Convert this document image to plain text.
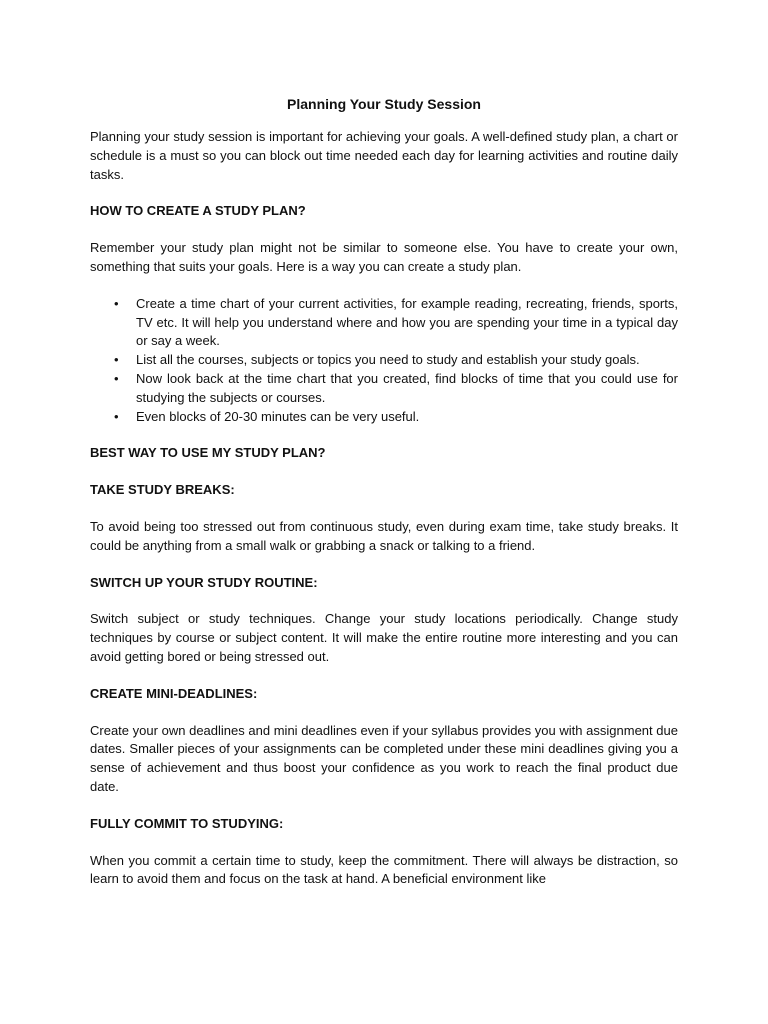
Planning Your Study Session

Planning your study session is important for achieving your goals. A well-defined study plan, a chart or schedule is a must so you can block out time needed each day for learning activities and routine daily tasks.

HOW TO CREATE A STUDY PLAN?

Remember your study plan might not be similar to someone else. You have to create your own, something that suits your goals. Here is a way you can create a study plan.

• Create a time chart of your current activities, for example reading, recreating, friends, sports, TV etc. It will help you understand where and how you are spending your time in a typical day or say a week.
• List all the courses, subjects or topics you need to study and establish your study goals.
• Now look back at the time chart that you created, find blocks of time that you could use for studying the subjects or courses.
• Even blocks of 20-30 minutes can be very useful.
BEST WAY TO USE MY STUDY PLAN?
TAKE STUDY BREAKS:

To avoid being too stressed out from continuous study, even during exam time, take study breaks. It could be anything from a small walk or grabbing a snack or talking to a friend.

SWITCH UP YOUR STUDY ROUTINE:

Switch subject or study techniques. Change your study locations periodically. Change study techniques by course or subject content. It will make the entire routine more interesting and you can avoid getting bored or being stressed out.

CREATE MINI-DEADLINES:

Create your own deadlines and mini deadlines even if your syllabus provides you with assignment due dates. Smaller pieces of your assignments can be completed under these mini deadlines giving you a sense of achievement and thus boost your confidence as you work to reach the final product due date.

FULLY COMMIT TO STUDYING:

When you commit a certain time to study, keep the commitment. There will always be distraction, so learn to avoid them and focus on the task at hand. A beneficial environment like
